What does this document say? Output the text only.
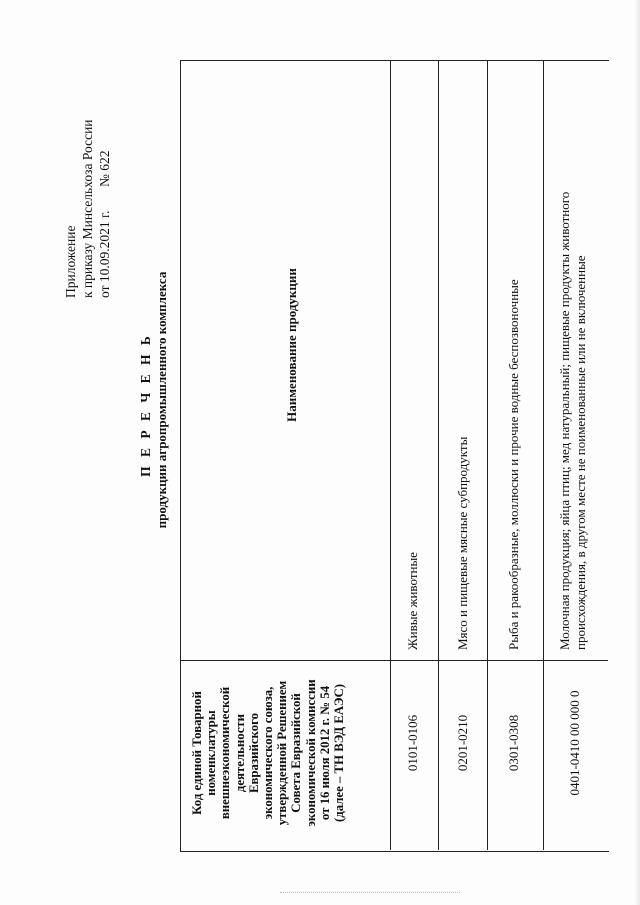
Приложение к приказу Минсельхоза России от 10.09.2021 г.       № 622
П Е Р Е Ч Е Н Ь продукции агропромышленного комплекса
Код единой Товарной номенклатуры внешнеэкономической деятельности Евразийского экономического союза, утвержденной Решением Совета Евразийской экономической комиссии от 16 июля 2012 г. № 54 (далее – ТН ВЭД ЕАЭС)
Наименование продукции
0101-0106
Живые животные
0201-0210
Мясо и пищевые мясные субпродукты
0301-0308
Рыба и ракообразные, моллюски и прочие водные беспозвоночные
0401-0410 00 000 0
Молочная продукция; яйца птиц; мед натуральный; пищевые продукты животного происхождения, в другом месте не поименованные или не включенные
